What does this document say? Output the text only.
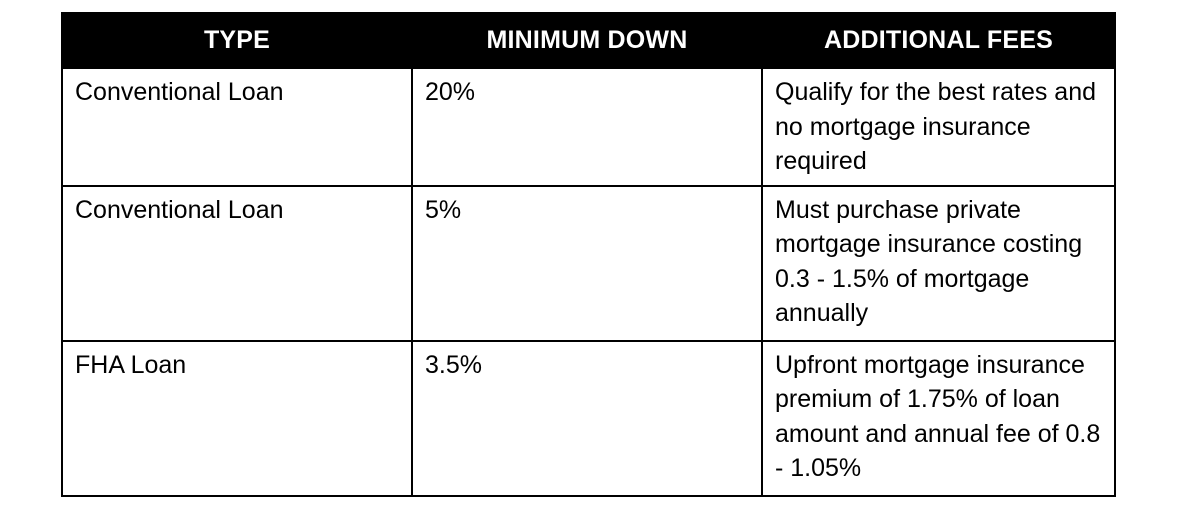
TYPE	MINIMUM DOWN	ADDITIONAL FEES
Conventional Loan	20%	Qualify for the best rates and no mortgage insurance required
Conventional Loan	5%	Must purchase private mortgage insurance costing 0.3 - 1.5% of mortgage annually
FHA Loan	3.5%	Upfront mortgage insurance premium of 1.75% of loan amount and annual fee of 0.8 - 1.05%
